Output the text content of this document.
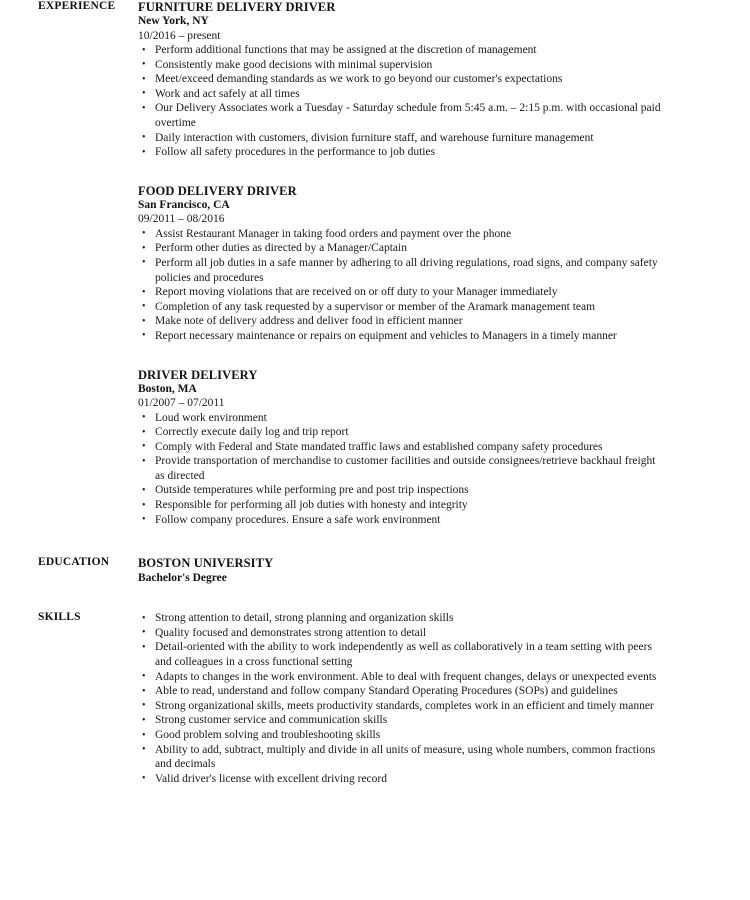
EXPERIENCE	FURNITURE DELIVERY DRIVER
New York, NY
10/2016 – present
• Perform additional functions that may be assigned at the discretion of management
• Consistently make good decisions with minimal supervision
• Meet/exceed demanding standards as we work to go beyond our customer's expectations
• Work and act safely at all times
• Our Delivery Associates work a Tuesday - Saturday schedule from 5:45 a.m. – 2:15 p.m. with occasional paid overtime
• Daily interaction with customers, division furniture staff, and warehouse furniture management
• Follow all safety procedures in the performance to job duties
FOOD DELIVERY DRIVER
San Francisco, CA
09/2011 – 08/2016
• Assist Restaurant Manager in taking food orders and payment over the phone
• Perform other duties as directed by a Manager/Captain
• Perform all job duties in a safe manner by adhering to all driving regulations, road signs, and company safety policies and procedures
• Report moving violations that are received on or off duty to your Manager immediately
• Completion of any task requested by a supervisor or member of the Aramark management team
• Make note of delivery address and deliver food in efficient manner
• Report necessary maintenance or repairs on equipment and vehicles to Managers in a timely manner
DRIVER DELIVERY
Boston, MA
01/2007 – 07/2011
• Loud work environment
• Correctly execute daily log and trip report
• Comply with Federal and State mandated traffic laws and established company safety procedures
• Provide transportation of merchandise to customer facilities and outside consignees/retrieve backhaul freight as directed
• Outside temperatures while performing pre and post trip inspections
• Responsible for performing all job duties with honesty and integrity
• Follow company procedures. Ensure a safe work environment
EDUCATION	BOSTON UNIVERSITY
Bachelor's Degree
SKILLS	• Strong attention to detail, strong planning and organization skills
• Quality focused and demonstrates strong attention to detail
• Detail-oriented with the ability to work independently as well as collaboratively in a team setting with peers and colleagues in a cross functional setting
• Adapts to changes in the work environment. Able to deal with frequent changes, delays or unexpected events
• Able to read, understand and follow company Standard Operating Procedures (SOPs) and guidelines
• Strong organizational skills, meets productivity standards, completes work in an efficient and timely manner
• Strong customer service and communication skills
• Good problem solving and troubleshooting skills
• Ability to add, subtract, multiply and divide in all units of measure, using whole numbers, common fractions and decimals
• Valid driver's license with excellent driving record
